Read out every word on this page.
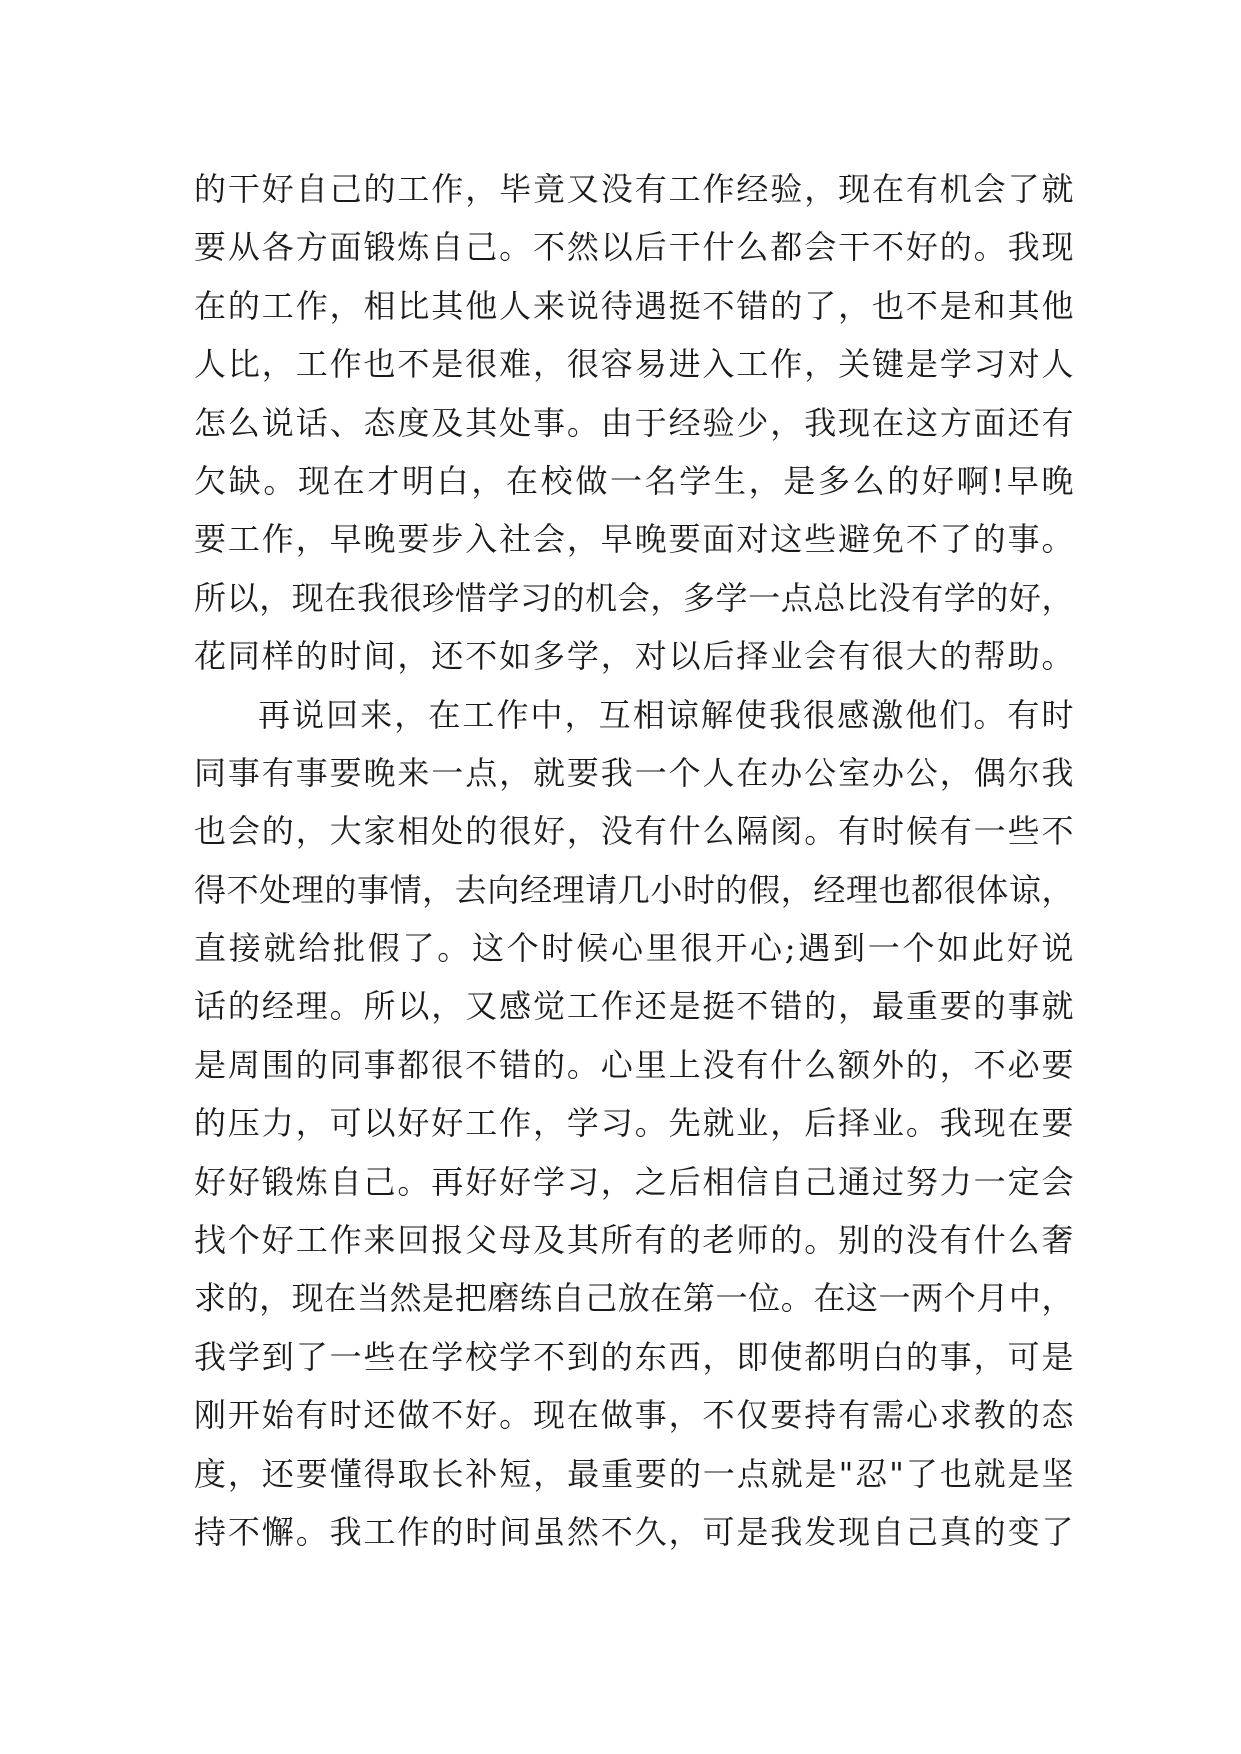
的干好自己的工作，毕竟又没有工作经验，现在有机会了就
要从各方面锻炼自己。不然以后干什么都会干不好的。我现
在的工作，相比其他人来说待遇挺不错的了，也不是和其他
人比，工作也不是很难，很容易进入工作，关键是学习对人
怎么说话、态度及其处事。由于经验少，我现在这方面还有
欠缺。现在才明白，在校做一名学生，是多么的好啊!早晚
要工作，早晚要步入社会，早晚要面对这些避免不了的事。
所以，现在我很珍惜学习的机会，多学一点总比没有学的好，
花同样的时间，还不如多学，对以后择业会有很大的帮助。
再说回来，在工作中，互相谅解使我很感激他们。有时
同事有事要晚来一点，就要我一个人在办公室办公，偶尔我
也会的，大家相处的很好，没有什么隔阂。有时候有一些不
得不处理的事情，去向经理请几小时的假，经理也都很体谅，
直接就给批假了。这个时候心里很开心;遇到一个如此好说
话的经理。所以，又感觉工作还是挺不错的，最重要的事就
是周围的同事都很不错的。心里上没有什么额外的，不必要
的压力，可以好好工作，学习。先就业，后择业。我现在要
好好锻炼自己。再好好学习，之后相信自己通过努力一定会
找个好工作来回报父母及其所有的老师的。别的没有什么奢
求的，现在当然是把磨练自己放在第一位。在这一两个月中，
我学到了一些在学校学不到的东西，即使都明白的事，可是
刚开始有时还做不好。现在做事，不仅要持有需心求教的态
度，还要懂得取长补短，最重要的一点就是"忍"了也就是坚
持不懈。我工作的时间虽然不久，可是我发现自己真的变了
